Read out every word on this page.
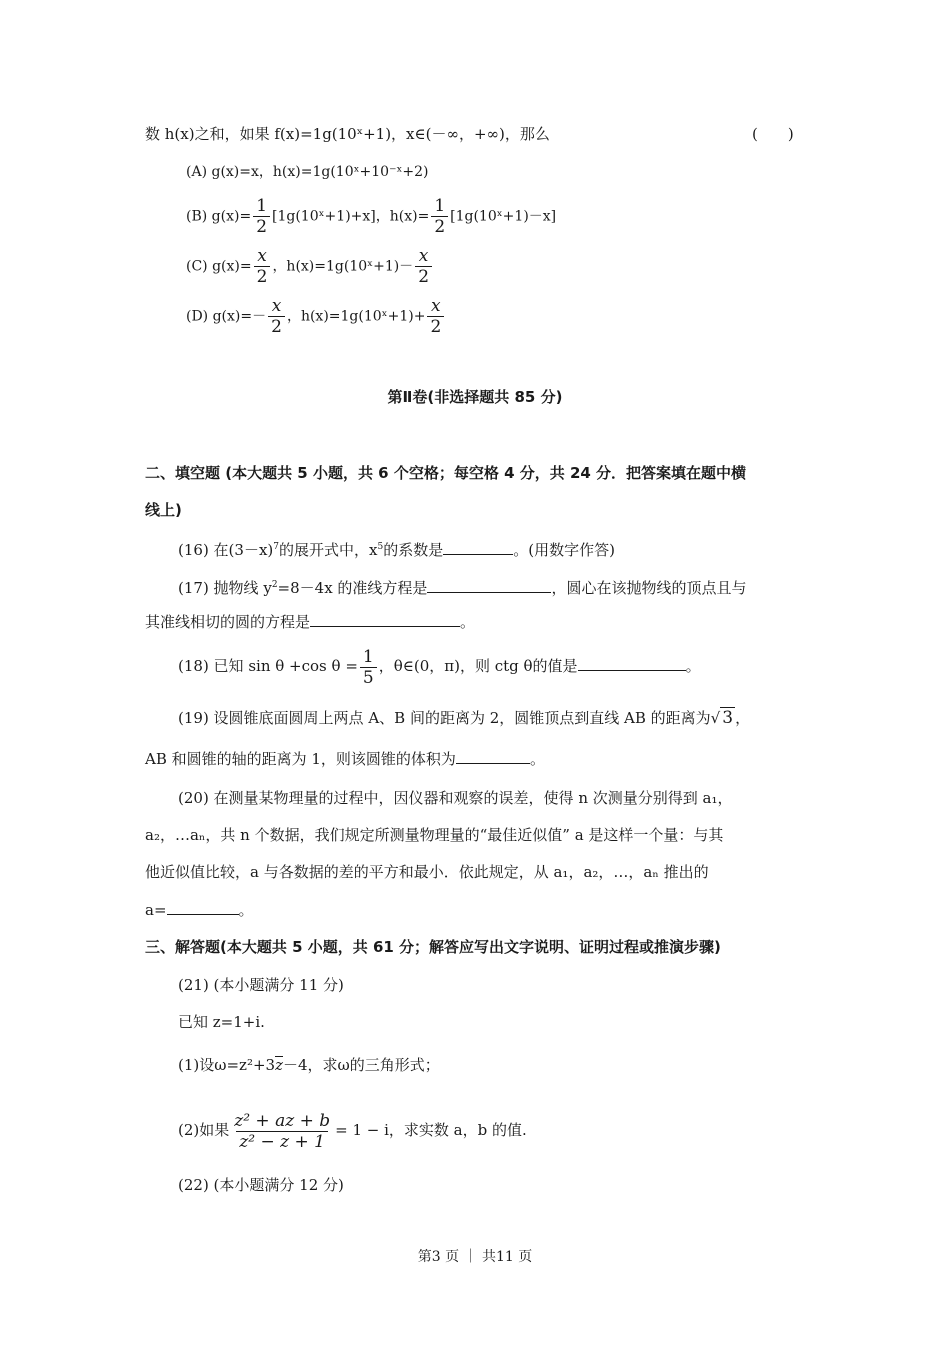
数 h(x)之和，如果 f(x)=1g(10ˣ+1)，x∈(－∞，+∞)，那么	(　　)
(A) g(x)=x，h(x)=1g(10ˣ+10⁻ˣ+2)
(B) $g(x)= \frac{1}{2}$ [1g(10ˣ+1)+x]，$h(x)= \frac{1}{2}$ [1g(10ˣ+1)－x]
(C) $g(x)= \frac{x}{2}$ ，h(x)=1g(10ˣ+1)－ $\frac{x}{2}$
(D) $g(x)=- \frac{x}{2}$ ，h(x)=1g(10ˣ+1)+ $\frac{x}{2}$
第Ⅱ卷(非选择题共 85 分)
二、填空题 (本大题共 5 小题，共 6 个空格；每空格 4 分，共 24 分．把答案填在题中横
线上)
(16) 在$(3-x)^7$的展开式中，$x^5$的系数是	。(用数字作答)
(17) 抛物线 $y^2=8-4x$ 的准线方程是	，圆心在该抛物线的顶点且与
其准线相切的圆的方程是	。
(18) 已知 sin θ +cos $\theta = \frac{1}{5}$ ，θ∈(0，π)，则 ctg θ的值是	。
(19) 设圆锥底面圆周上两点 A、B 间的距离为 2，圆锥顶点到直线 AB 的距离为√ 3 ，
AB 和圆锥的轴的距离为 1，则该圆锥的体积为	。
(20) 在测量某物理量的过程中，因仪器和观察的误差，使得 n 次测量分别得到 a₁，
a₂，…aₙ，共 n 个数据，我们规定所测量物理量的“最佳近似值” a 是这样一个量：与其
他近似值比较，a 与各数据的差的平方和最小．依此规定，从 a₁，a₂，…，aₙ 推出的
a=	。
三、解答题(本大题共 5 小题，共 61 分；解答应写出文字说明、证明过程或推演步骤)
(21) (本小题满分 11 分)
已知 z=1+i.
(1)设ω=z²+3z－4，求ω的三角形式；
(2)如果 $\frac{\text{z² + az + b}}{\text{z² − z + 1}} = 1 - i$，求实数 a，b 的值.
(22) (本小题满分 12 分)
第3 页 ｜ 共11 页
